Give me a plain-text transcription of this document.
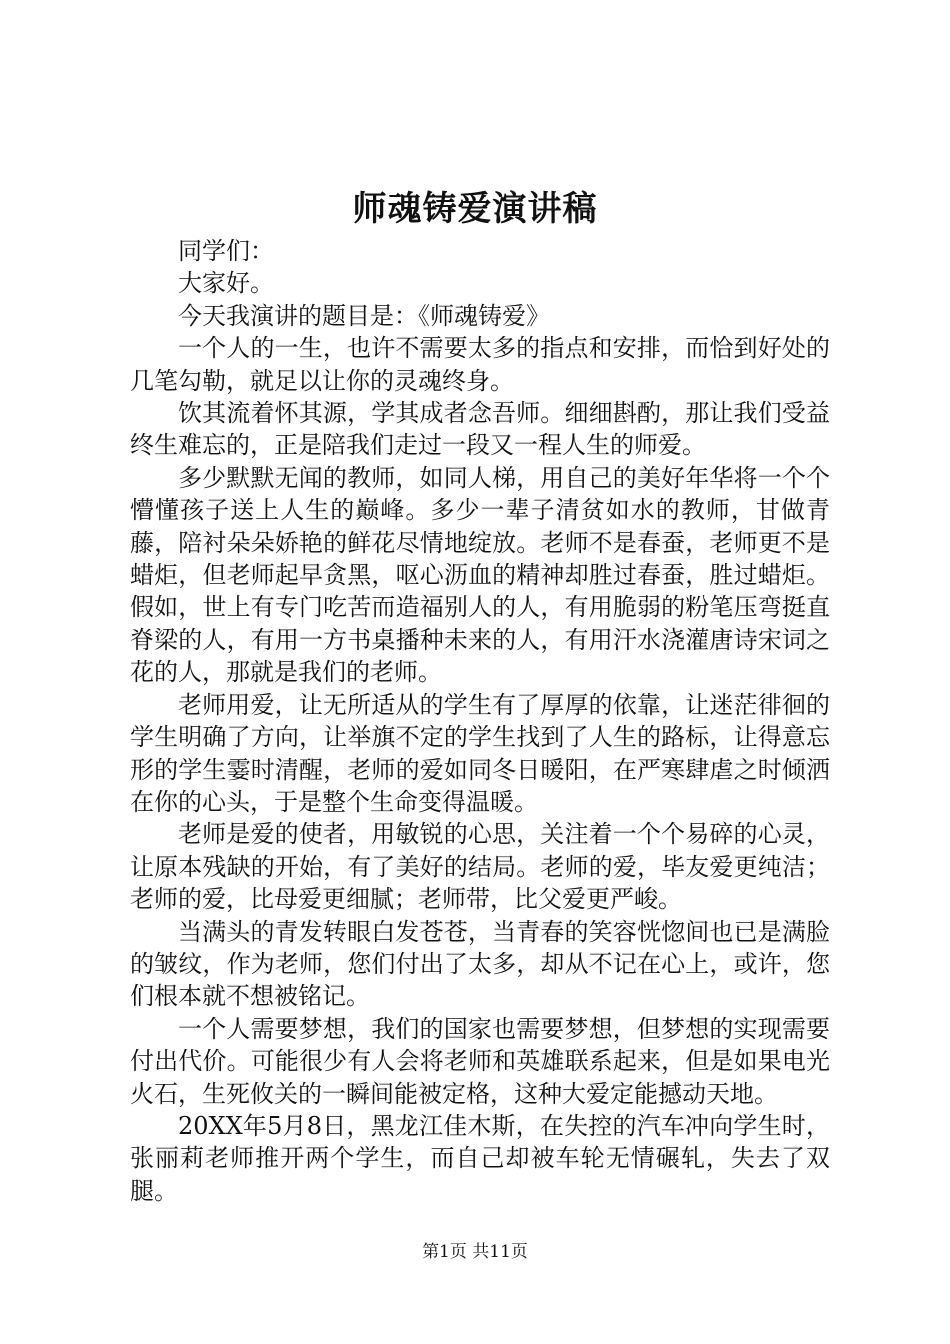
师魂铸爱演讲稿

同学们：

大家好。

今天我演讲的题目是：《师魂铸爱》

一个人的一生，也许不需要太多的指点和安排，而恰到好处的几笔勾勒，就足以让你的灵魂终身。

饮其流着怀其源，学其成者念吾师。细细斟酌，那让我们受益终生难忘的，正是陪我们走过一段又一程人生的师爱。

多少默默无闻的教师，如同人梯，用自己的美好年华将一个个懵懂孩子送上人生的巅峰。多少一辈子清贫如水的教师，甘做青藤，陪衬朵朵娇艳的鲜花尽情地绽放。老师不是春蚕，老师更不是蜡炬，但老师起早贪黑，呕心沥血的精神却胜过春蚕，胜过蜡炬。假如，世上有专门吃苦而造福别人的人，有用脆弱的粉笔压弯挺直脊梁的人，有用一方书桌播种未来的人，有用汗水浇灌唐诗宋词之花的人，那就是我们的老师。

老师用爱，让无所适从的学生有了厚厚的依靠，让迷茫徘徊的学生明确了方向，让举旗不定的学生找到了人生的路标，让得意忘形的学生霎时清醒，老师的爱如同冬日暖阳，在严寒肆虐之时倾洒在你的心头，于是整个生命变得温暖。

老师是爱的使者，用敏锐的心思，关注着一个个易碎的心灵，让原本残缺的开始，有了美好的结局。老师的爱，毕友爱更纯洁；老师的爱，比母爱更细腻；老师带，比父爱更严峻。

当满头的青发转眼白发苍苍，当青春的笑容恍惚间也已是满脸的皱纹，作为老师，您们付出了太多，却从不记在心上，或许，您们根本就不想被铭记。

一个人需要梦想，我们的国家也需要梦想，但梦想的实现需要付出代价。可能很少有人会将老师和英雄联系起来，但是如果电光火石，生死攸关的一瞬间能被定格，这种大爱定能撼动天地。

20XX年5月8日，黑龙江佳木斯，在失控的汽车冲向学生时，张丽莉老师推开两个学生，而自己却被车轮无情碾轧，失去了双腿。

第1页 共11页
